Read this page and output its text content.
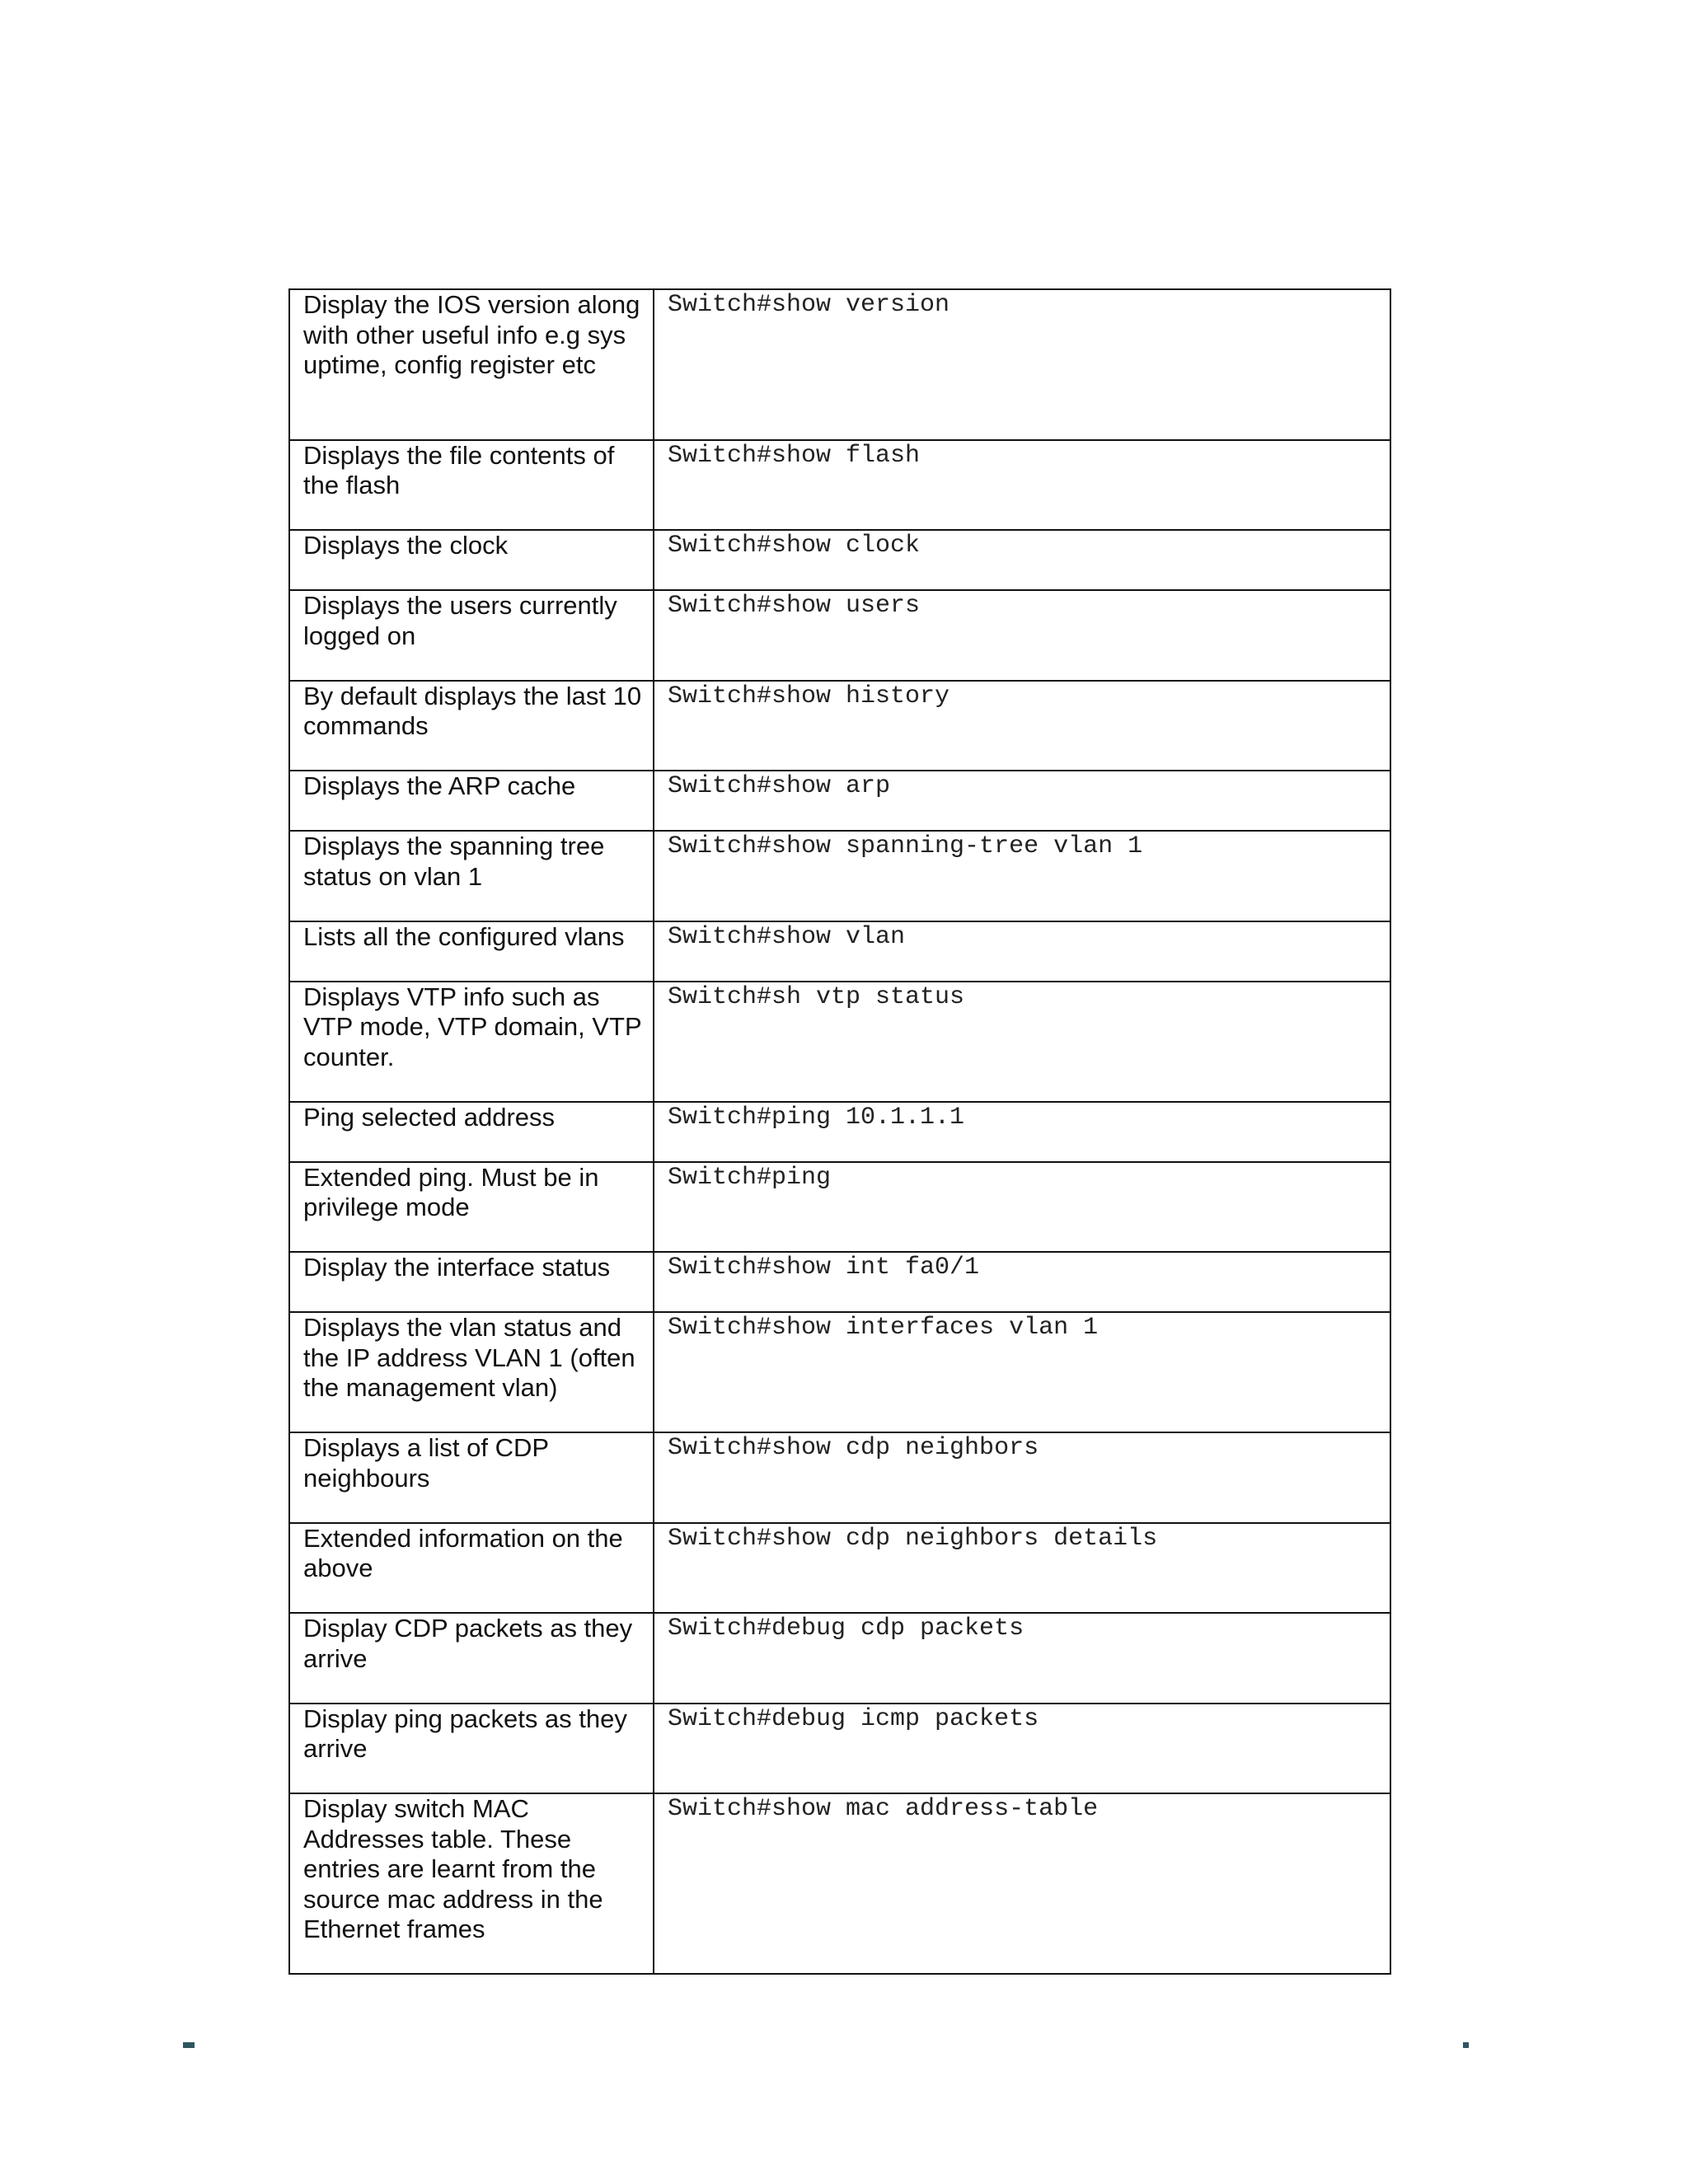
Display the IOS version along with other useful info e.g sys uptime, config register etc	Switch#show version

Displays the file contents of the flash	Switch#show flash

Displays the clock	Switch#show clock

Displays the users currently logged on	Switch#show users

By default displays the last 10 commands	Switch#show history

Displays the ARP cache	Switch#show arp

Displays the spanning tree status on vlan 1	Switch#show spanning-tree vlan 1

Lists all the configured vlans	Switch#show vlan

Displays VTP info such as VTP mode, VTP domain, VTP counter.	Switch#sh vtp status

Ping selected address	Switch#ping 10.1.1.1

Extended ping. Must be in privilege mode	Switch#ping

Display the interface status	Switch#show int fa0/1

Displays the vlan status and the IP address VLAN 1 (often the management vlan)	Switch#show interfaces vlan 1

Displays a list of CDP neighbours	Switch#show cdp neighbors

Extended information on the above	Switch#show cdp neighbors details

Display CDP packets as they arrive	Switch#debug cdp packets

Display ping packets as they arrive	Switch#debug icmp packets

Display switch MAC Addresses table. These entries are learnt from the source mac address in the Ethernet frames	Switch#show mac address-table
